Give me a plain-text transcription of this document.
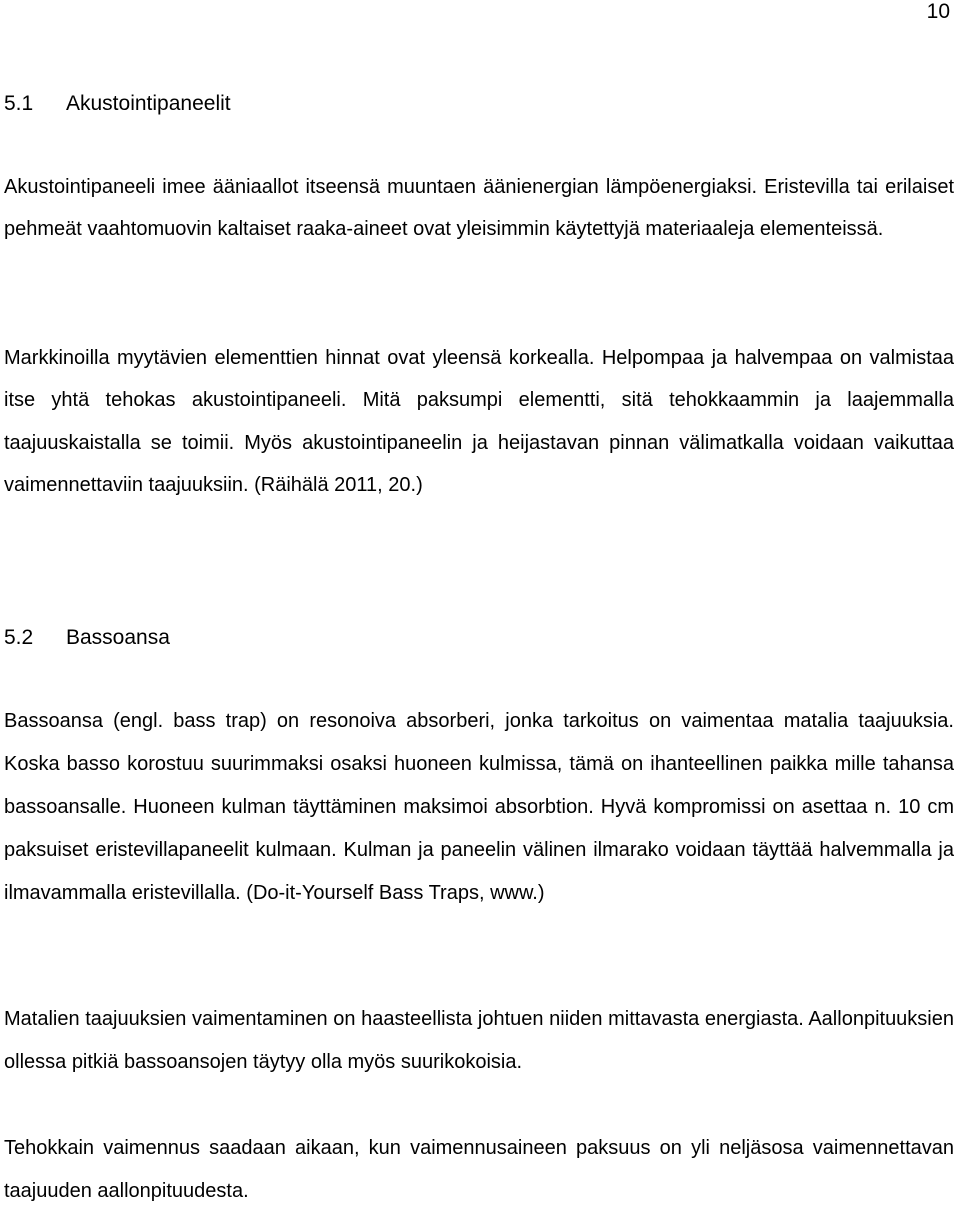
10
5.1 Akustointipaneelit

Akustointipaneeli imee ääniaallot itseensä muuntaen äänienergian lämpöenergiaksi. Eristevilla tai erilaiset pehmeät vaahtomuovin kaltaiset raaka-aineet ovat yleisimmin käytettyjä materiaaleja elementeissä.

Markkinoilla myytävien elementtien hinnat ovat yleensä korkealla. Helpompaa ja halvempaa on valmistaa itse yhtä tehokas akustointipaneeli. Mitä paksumpi elementti, sitä tehokkaammin ja laajemmalla taajuuskaistalla se toimii. Myös akustointipaneelin ja heijastavan pinnan välimatkalla voidaan vaikuttaa vaimennettaviin taajuuksiin. (Räihälä 2011, 20.)

5.2 Bassoansa

Bassoansa (engl. bass trap) on resonoiva absorberi, jonka tarkoitus on vaimentaa matalia taajuuksia. Koska basso korostuu suurimmaksi osaksi huoneen kulmissa, tämä on ihanteellinen paikka mille tahansa bassoansalle. Huoneen kulman täyttäminen maksimoi absorbtion. Hyvä kompromissi on asettaa n. 10 cm paksuiset eristevillapaneelit kulmaan. Kulman ja paneelin välinen ilmarako voidaan täyttää halvemmalla ja ilmavammalla eristevillalla. (Do-it-Yourself Bass Traps, www.)

Matalien taajuuksien vaimentaminen on haasteellista johtuen niiden mittavasta energiasta. Aallonpituuksien ollessa pitkiä bassoansojen täytyy olla myös suurikokoisia.

Tehokkain vaimennus saadaan aikaan, kun vaimennusaineen paksuus on yli neljäsosa vaimennettavan taajuuden aallonpituudesta.
